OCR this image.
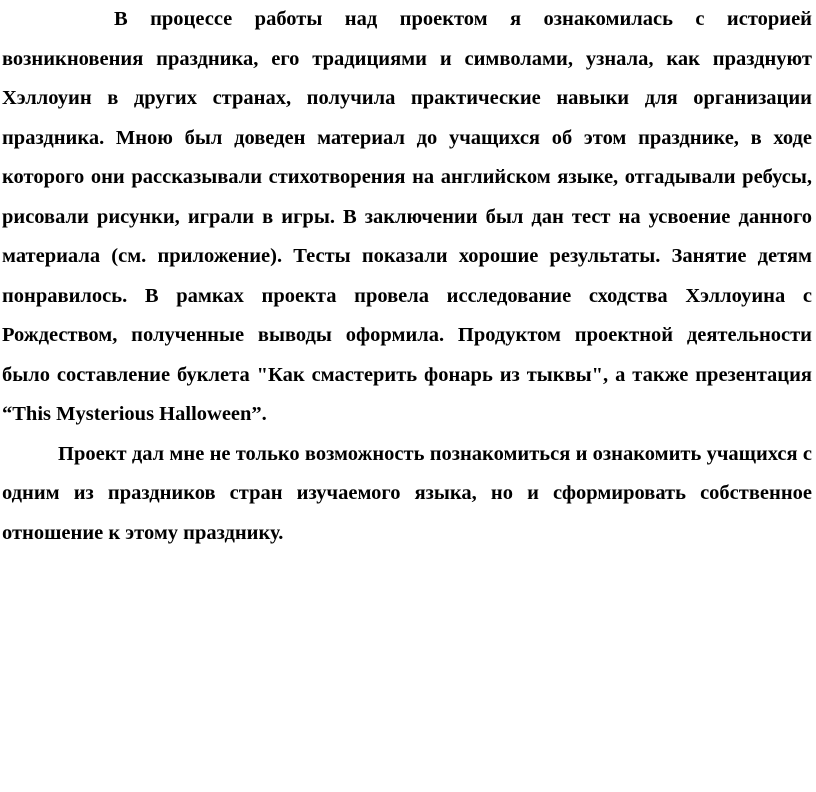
В процессе работы над проектом я ознакомилась с историей возникновения праздника, его традициями и символами, узнала, как празднуют Хэллоуин в других странах, получила практические навыки для организации праздника. Мною был доведен материал до учащихся об этом празднике, в ходе которого они рассказывали стихотворения на английском языке, отгадывали ребусы, рисовали рисунки, играли в игры. В заключении был дан тест на усвоение данного материала (см. приложение). Тесты показали хорошие результаты. Занятие детям понравилось. В рамках проекта провела исследование сходства Хэллоуина с Рождеством, полученные выводы оформила. Продуктом проектной деятельности было составление буклета "Как смастерить фонарь из тыквы", а также презентация “This Mysterious Halloween”.

Проект дал мне не только возможность познакомиться и ознакомить учащихся с одним из праздников стран изучаемого языка, но и сформировать собственное отношение к этому празднику.
